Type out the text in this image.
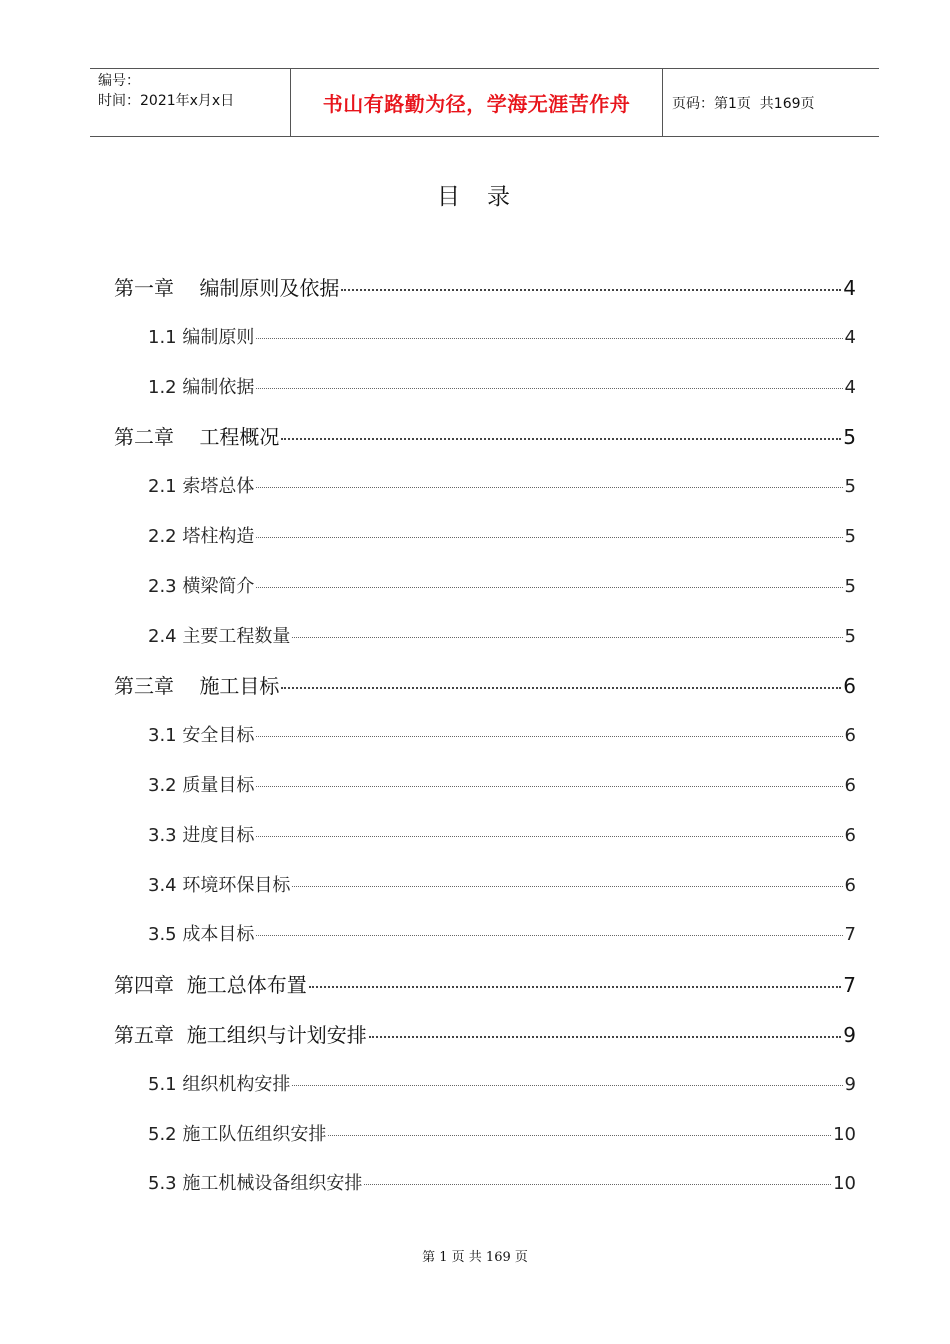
编号：
时间：2021年x月x日	书山有路勤为径，学海无涯苦作舟	页码：第1页  共169页
目 录
第一章 编制原则及依据	4
1.1 编制原则	4
1.2 编制依据	4
第二章 工程概况	5
2.1 索塔总体	5
2.2 塔柱构造	5
2.3 横梁简介	5
2.4 主要工程数量	5
第三章 施工目标	6
3.1 安全目标	6
3.2 质量目标	6
3.3 进度目标	6
3.4 环境环保目标	6
3.5 成本目标	7
第四章 施工总体布置	7
第五章 施工组织与计划安排	9
5.1 组织机构安排	9
5.2 施工队伍组织安排	10
5.3 施工机械设备组织安排	10
第 1 页 共 169 页
